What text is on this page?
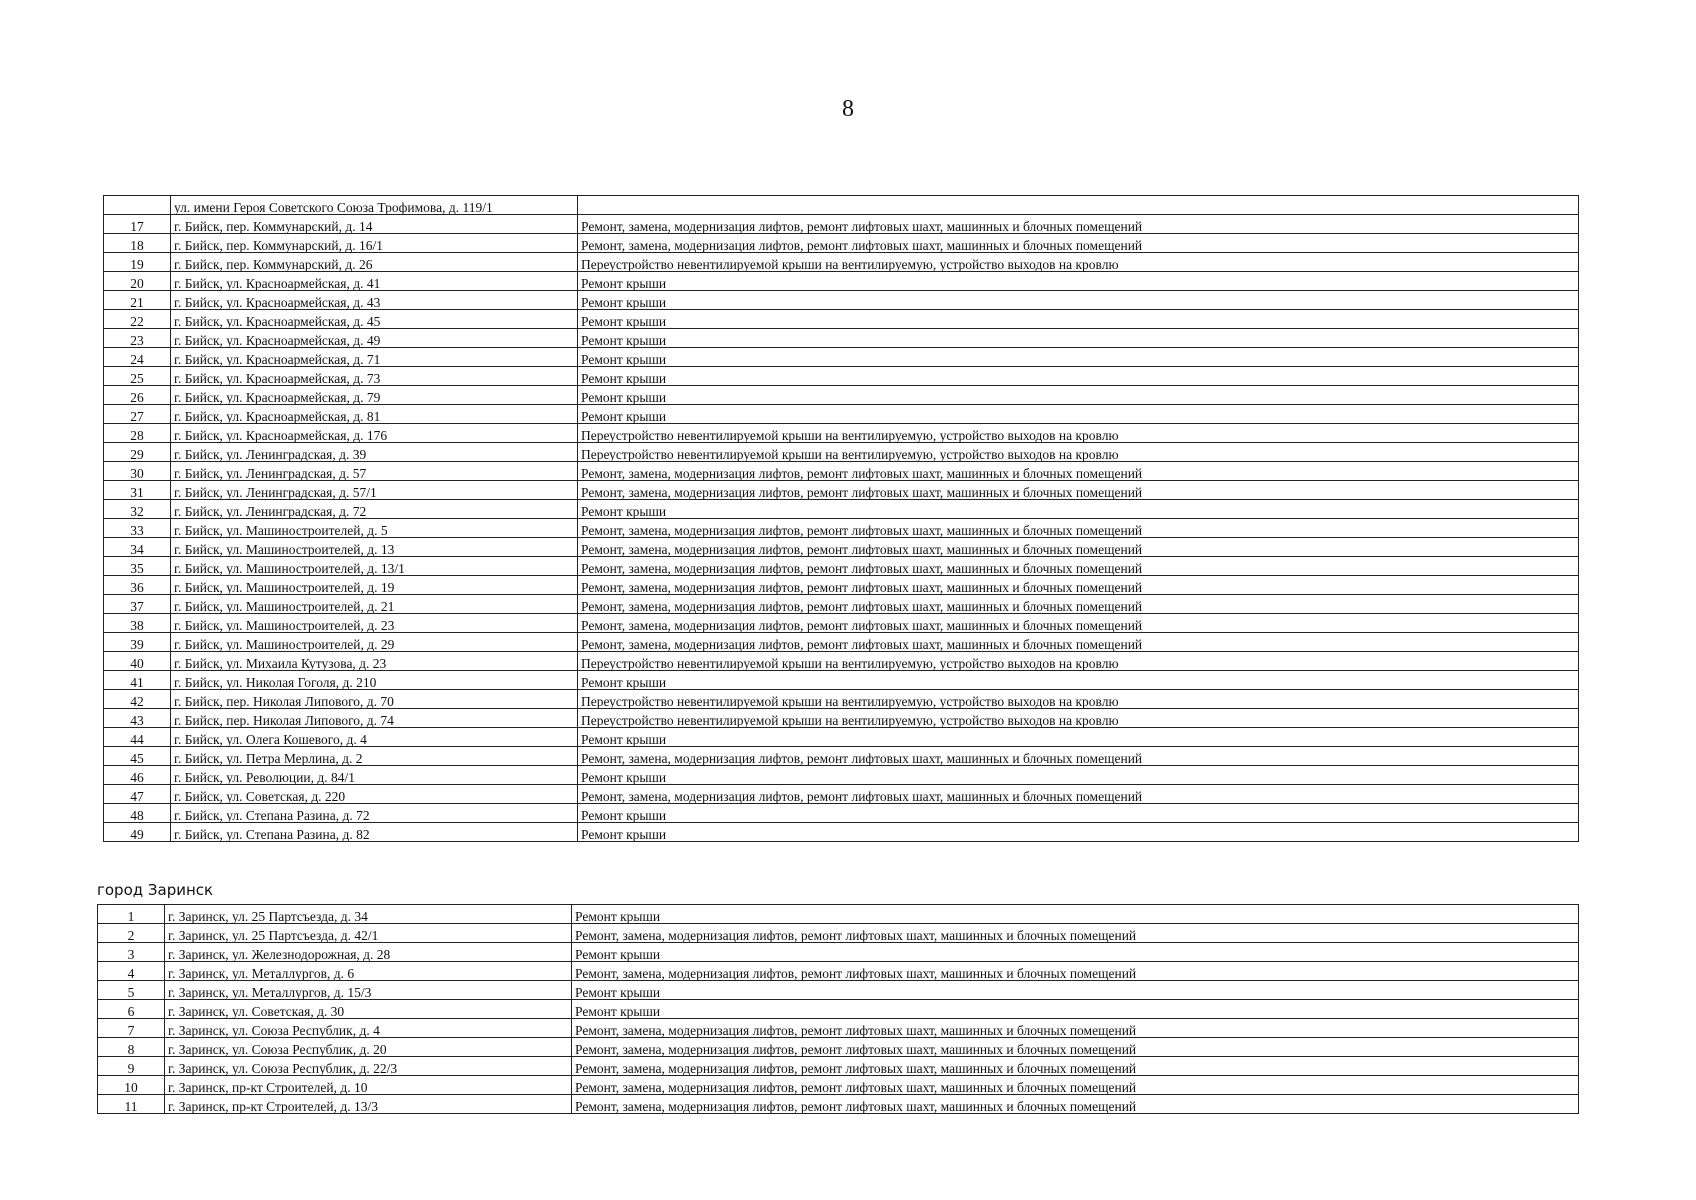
8
	ул. имени Героя Советского Союза Трофимова, д. 119/1	
17	г. Бийск, пер. Коммунарский, д. 14	Ремонт, замена, модернизация лифтов, ремонт лифтовых шахт, машинных и блочных помещений
18	г. Бийск, пер. Коммунарский, д. 16/1	Ремонт, замена, модернизация лифтов, ремонт лифтовых шахт, машинных и блочных помещений
19	г. Бийск, пер. Коммунарский, д. 26	Переустройство невентилируемой крыши на вентилируемую, устройство выходов на кровлю
20	г. Бийск, ул. Красноармейская, д. 41	Ремонт крыши
21	г. Бийск, ул. Красноармейская, д. 43	Ремонт крыши
22	г. Бийск, ул. Красноармейская, д. 45	Ремонт крыши
23	г. Бийск, ул. Красноармейская, д. 49	Ремонт крыши
24	г. Бийск, ул. Красноармейская, д. 71	Ремонт крыши
25	г. Бийск, ул. Красноармейская, д. 73	Ремонт крыши
26	г. Бийск, ул. Красноармейская, д. 79	Ремонт крыши
27	г. Бийск, ул. Красноармейская, д. 81	Ремонт крыши
28	г. Бийск, ул. Красноармейская, д. 176	Переустройство невентилируемой крыши на вентилируемую, устройство выходов на кровлю
29	г. Бийск, ул. Ленинградская, д. 39	Переустройство невентилируемой крыши на вентилируемую, устройство выходов на кровлю
30	г. Бийск, ул. Ленинградская, д. 57	Ремонт, замена, модернизация лифтов, ремонт лифтовых шахт, машинных и блочных помещений
31	г. Бийск, ул. Ленинградская, д. 57/1	Ремонт, замена, модернизация лифтов, ремонт лифтовых шахт, машинных и блочных помещений
32	г. Бийск, ул. Ленинградская, д. 72	Ремонт крыши
33	г. Бийск, ул. Машиностроителей, д. 5	Ремонт, замена, модернизация лифтов, ремонт лифтовых шахт, машинных и блочных помещений
34	г. Бийск, ул. Машиностроителей, д. 13	Ремонт, замена, модернизация лифтов, ремонт лифтовых шахт, машинных и блочных помещений
35	г. Бийск, ул. Машиностроителей, д. 13/1	Ремонт, замена, модернизация лифтов, ремонт лифтовых шахт, машинных и блочных помещений
36	г. Бийск, ул. Машиностроителей, д. 19	Ремонт, замена, модернизация лифтов, ремонт лифтовых шахт, машинных и блочных помещений
37	г. Бийск, ул. Машиностроителей, д. 21	Ремонт, замена, модернизация лифтов, ремонт лифтовых шахт, машинных и блочных помещений
38	г. Бийск, ул. Машиностроителей, д. 23	Ремонт, замена, модернизация лифтов, ремонт лифтовых шахт, машинных и блочных помещений
39	г. Бийск, ул. Машиностроителей, д. 29	Ремонт, замена, модернизация лифтов, ремонт лифтовых шахт, машинных и блочных помещений
40	г. Бийск, ул. Михаила Кутузова, д. 23	Переустройство невентилируемой крыши на вентилируемую, устройство выходов на кровлю
41	г. Бийск, ул. Николая Гоголя, д. 210	Ремонт крыши
42	г. Бийск, пер. Николая Липового, д. 70	Переустройство невентилируемой крыши на вентилируемую, устройство выходов на кровлю
43	г. Бийск, пер. Николая Липового, д. 74	Переустройство невентилируемой крыши на вентилируемую, устройство выходов на кровлю
44	г. Бийск, ул. Олега Кошевого, д. 4	Ремонт крыши
45	г. Бийск, ул. Петра Мерлина, д. 2	Ремонт, замена, модернизация лифтов, ремонт лифтовых шахт, машинных и блочных помещений
46	г. Бийск, ул. Революции, д. 84/1	Ремонт крыши
47	г. Бийск, ул. Советская, д. 220	Ремонт, замена, модернизация лифтов, ремонт лифтовых шахт, машинных и блочных помещений
48	г. Бийск, ул. Степана Разина, д. 72	Ремонт крыши
49	г. Бийск, ул. Степана Разина, д. 82	Ремонт крыши
город Заринск
1	г. Заринск, ул. 25 Партсъезда, д. 34	Ремонт крыши
2	г. Заринск, ул. 25 Партсъезда, д. 42/1	Ремонт, замена, модернизация лифтов, ремонт лифтовых шахт, машинных и блочных помещений
3	г. Заринск, ул. Железнодорожная, д. 28	Ремонт крыши
4	г. Заринск, ул. Металлургов, д. 6	Ремонт, замена, модернизация лифтов, ремонт лифтовых шахт, машинных и блочных помещений
5	г. Заринск, ул. Металлургов, д. 15/3	Ремонт крыши
6	г. Заринск, ул. Советская, д. 30	Ремонт крыши
7	г. Заринск, ул. Союза Республик, д. 4	Ремонт, замена, модернизация лифтов, ремонт лифтовых шахт, машинных и блочных помещений
8	г. Заринск, ул. Союза Республик, д. 20	Ремонт, замена, модернизация лифтов, ремонт лифтовых шахт, машинных и блочных помещений
9	г. Заринск, ул. Союза Республик, д. 22/3	Ремонт, замена, модернизация лифтов, ремонт лифтовых шахт, машинных и блочных помещений
10	г. Заринск, пр-кт Строителей, д. 10	Ремонт, замена, модернизация лифтов, ремонт лифтовых шахт, машинных и блочных помещений
11	г. Заринск, пр-кт Строителей, д. 13/3	Ремонт, замена, модернизация лифтов, ремонт лифтовых шахт, машинных и блочных помещений
